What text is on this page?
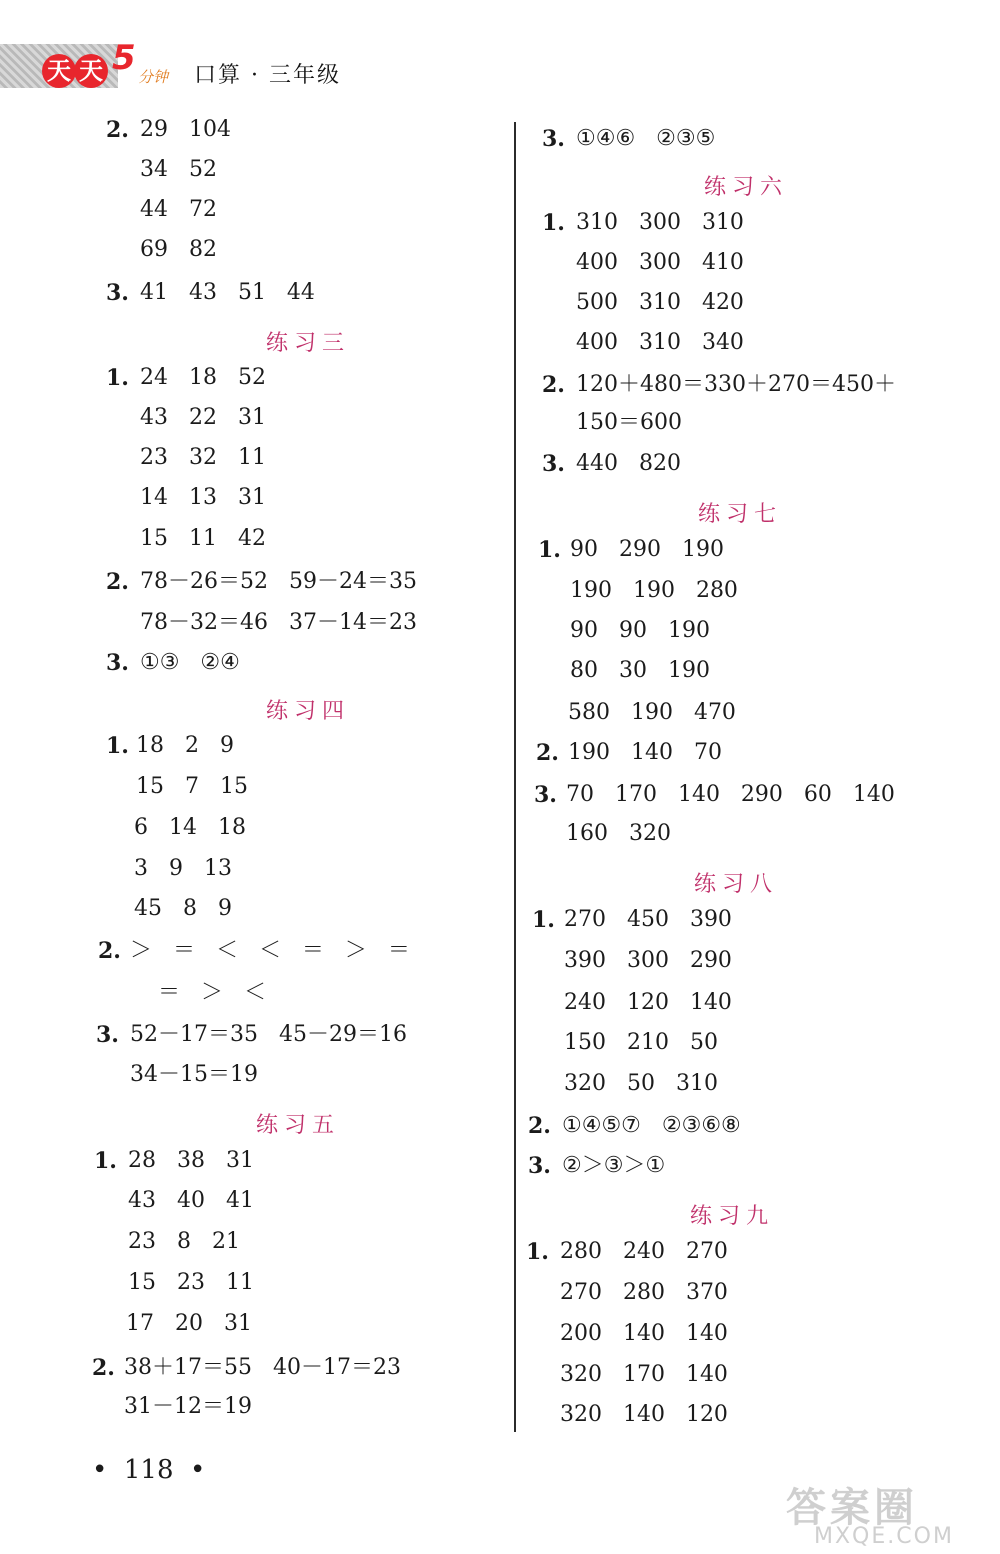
天 天 5 分钟 口算 · 三年级
2. 29   104
34   52
44   72
69   82
3. 41   43   51   44
练习三
1. 24   18   52
43   22   31
23   32   11
14   13   31
15   11   42
2. 78－26＝52   59－24＝35
78－32＝46   37－14＝23
3. ①③   ②④
练习四
1. 18   2   9
15   7   15
6   14   18
3   9   13
45   8   9
2. ＞   ＝   ＜   ＜   ＝   ＞   ＝
＝   ＞   ＜
3. 52－17＝35   45－29＝16
34－15＝19
练习五
1. 28   38   31
43   40   41
23   8   21
15   23   11
17   20   31
2. 38＋17＝55   40－17＝23
31－12＝19
3. ①④⑥   ②③⑤
练习六
1. 310   300   310
400   300   410
500   310   420
400   310   340
2. 120＋480＝330＋270＝450＋
150＝600
3. 440   820
练习七
1. 90   290   190
190   190   280
90   90   190
80   30   190
580   190   470
2. 190   140   70
3. 70   170   140   290   60   140
160   320
练习八
1. 270   450   390
390   300   290
240   120   140
150   210   50
320   50   310
2. ①④⑤⑦   ②③⑥⑧
3. ②＞③＞①
练习九
1. 280   240   270
270   280   370
200   140   140
320   170   140
320   140   120
•  118  •
答案圈
MXQE.COM
